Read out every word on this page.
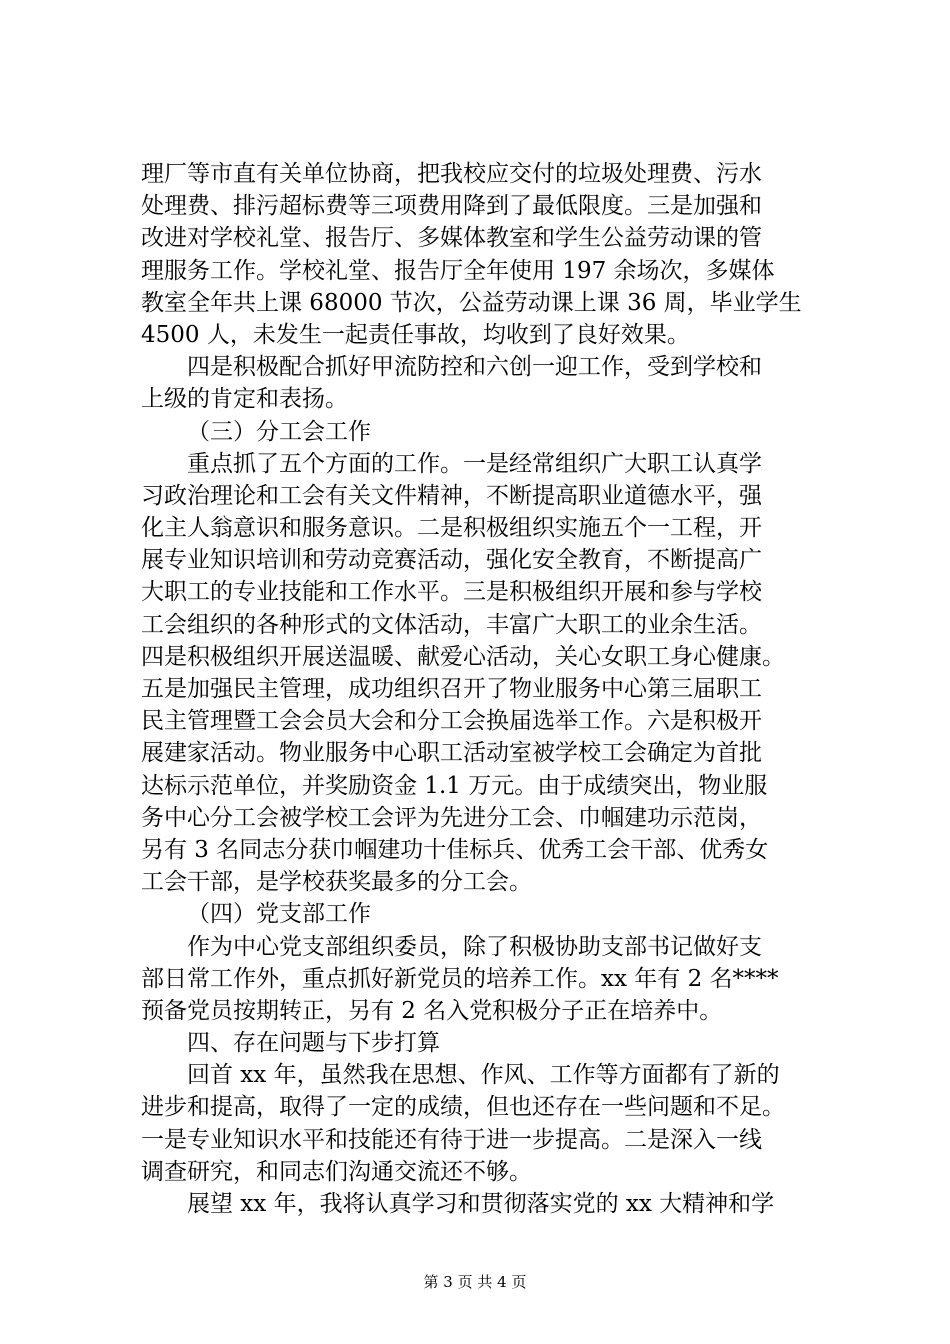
理厂等市直有关单位协商，把我校应交付的垃圾处理费、污水
处理费、排污超标费等三项费用降到了最低限度。三是加强和
改进对学校礼堂、报告厅、多媒体教室和学生公益劳动课的管
理服务工作。学校礼堂、报告厅全年使用 197 余场次，多媒体
教室全年共上课 68000 节次，公益劳动课上课 36 周，毕业学生
4500 人，未发生一起责任事故，均收到了良好效果。

四是积极配合抓好甲流防控和六创一迎工作，受到学校和
上级的肯定和表扬。

（三）分工会工作

重点抓了五个方面的工作。一是经常组织广大职工认真学
习政治理论和工会有关文件精神，不断提高职业道德水平，强
化主人翁意识和服务意识。二是积极组织实施五个一工程，开
展专业知识培训和劳动竞赛活动，强化安全教育，不断提高广
大职工的专业技能和工作水平。三是积极组织开展和参与学校
工会组织的各种形式的文体活动，丰富广大职工的业余生活。
四是积极组织开展送温暖、献爱心活动，关心女职工身心健康。
五是加强民主管理，成功组织召开了物业服务中心第三届职工
民主管理暨工会会员大会和分工会换届选举工作。六是积极开
展建家活动。物业服务中心职工活动室被学校工会确定为首批
达标示范单位，并奖励资金 1.1 万元。由于成绩突出，物业服
务中心分工会被学校工会评为先进分工会、巾帼建功示范岗，
另有 3 名同志分获巾帼建功十佳标兵、优秀工会干部、优秀女
工会干部，是学校获奖最多的分工会。

（四）党支部工作

作为中心党支部组织委员，除了积极协助支部书记做好支
部日常工作外，重点抓好新党员的培养工作。xx 年有 2 名****
预备党员按期转正，另有 2 名入党积极分子正在培养中。

四、存在问题与下步打算

回首 xx 年，虽然我在思想、作风、工作等方面都有了新的
进步和提高，取得了一定的成绩，但也还存在一些问题和不足。
一是专业知识水平和技能还有待于进一步提高。二是深入一线
调查研究，和同志们沟通交流还不够。

展望 xx 年，我将认真学习和贯彻落实党的 xx 大精神和学

第 3 页 共 4 页
